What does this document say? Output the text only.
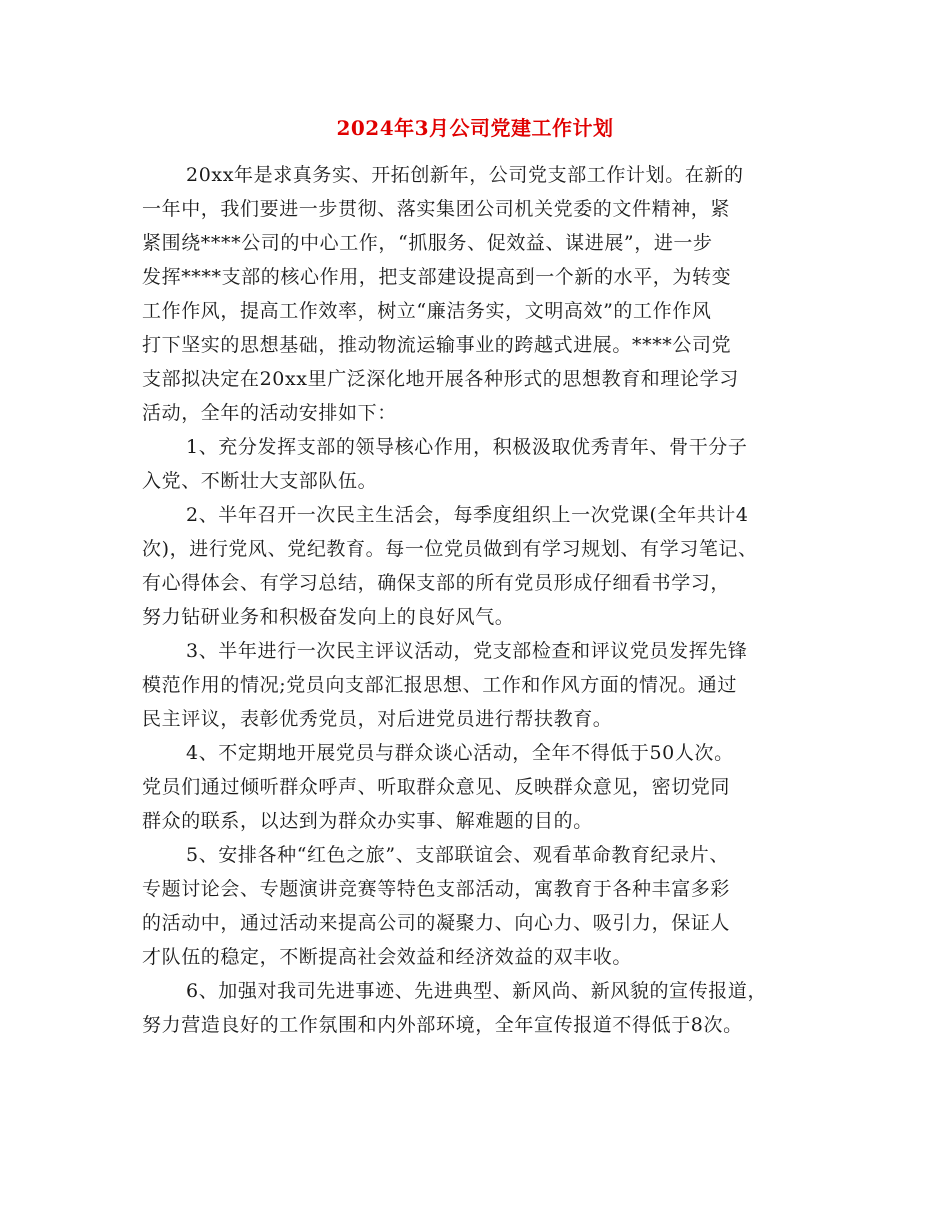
2024年3月公司党建工作计划
20xx年是求真务实、开拓创新年，公司党支部工作计划。在新的
一年中，我们要进一步贯彻、落实集团公司机关党委的文件精神，紧
紧围绕****公司的中心工作，“抓服务、促效益、谋进展”，进一步
发挥****支部的核心作用，把支部建设提高到一个新的水平，为转变
工作作风，提高工作效率，树立“廉洁务实，文明高效”的工作作风
打下坚实的思想基础，推动物流运输事业的跨越式进展。****公司党
支部拟决定在20xx里广泛深化地开展各种形式的思想教育和理论学习
活动，全年的活动安排如下：
1、充分发挥支部的领导核心作用，积极汲取优秀青年、骨干分子
入党、不断壮大支部队伍。
2、半年召开一次民主生活会，每季度组织上一次党课(全年共计4
次)，进行党风、党纪教育。每一位党员做到有学习规划、有学习笔记、
有心得体会、有学习总结，确保支部的所有党员形成仔细看书学习，
努力钻研业务和积极奋发向上的良好风气。
3、半年进行一次民主评议活动，党支部检查和评议党员发挥先锋
模范作用的情况;党员向支部汇报思想、工作和作风方面的情况。通过
民主评议，表彰优秀党员，对后进党员进行帮扶教育。
4、不定期地开展党员与群众谈心活动，全年不得低于50人次。
党员们通过倾听群众呼声、听取群众意见、反映群众意见，密切党同
群众的联系，以达到为群众办实事、解难题的目的。
5、安排各种“红色之旅”、支部联谊会、观看革命教育纪录片、
专题讨论会、专题演讲竞赛等特色支部活动，寓教育于各种丰富多彩
的活动中，通过活动来提高公司的凝聚力、向心力、吸引力，保证人
才队伍的稳定，不断提高社会效益和经济效益的双丰收。
6、加强对我司先进事迹、先进典型、新风尚、新风貌的宣传报道，
努力营造良好的工作氛围和内外部环境，全年宣传报道不得低于8次。
